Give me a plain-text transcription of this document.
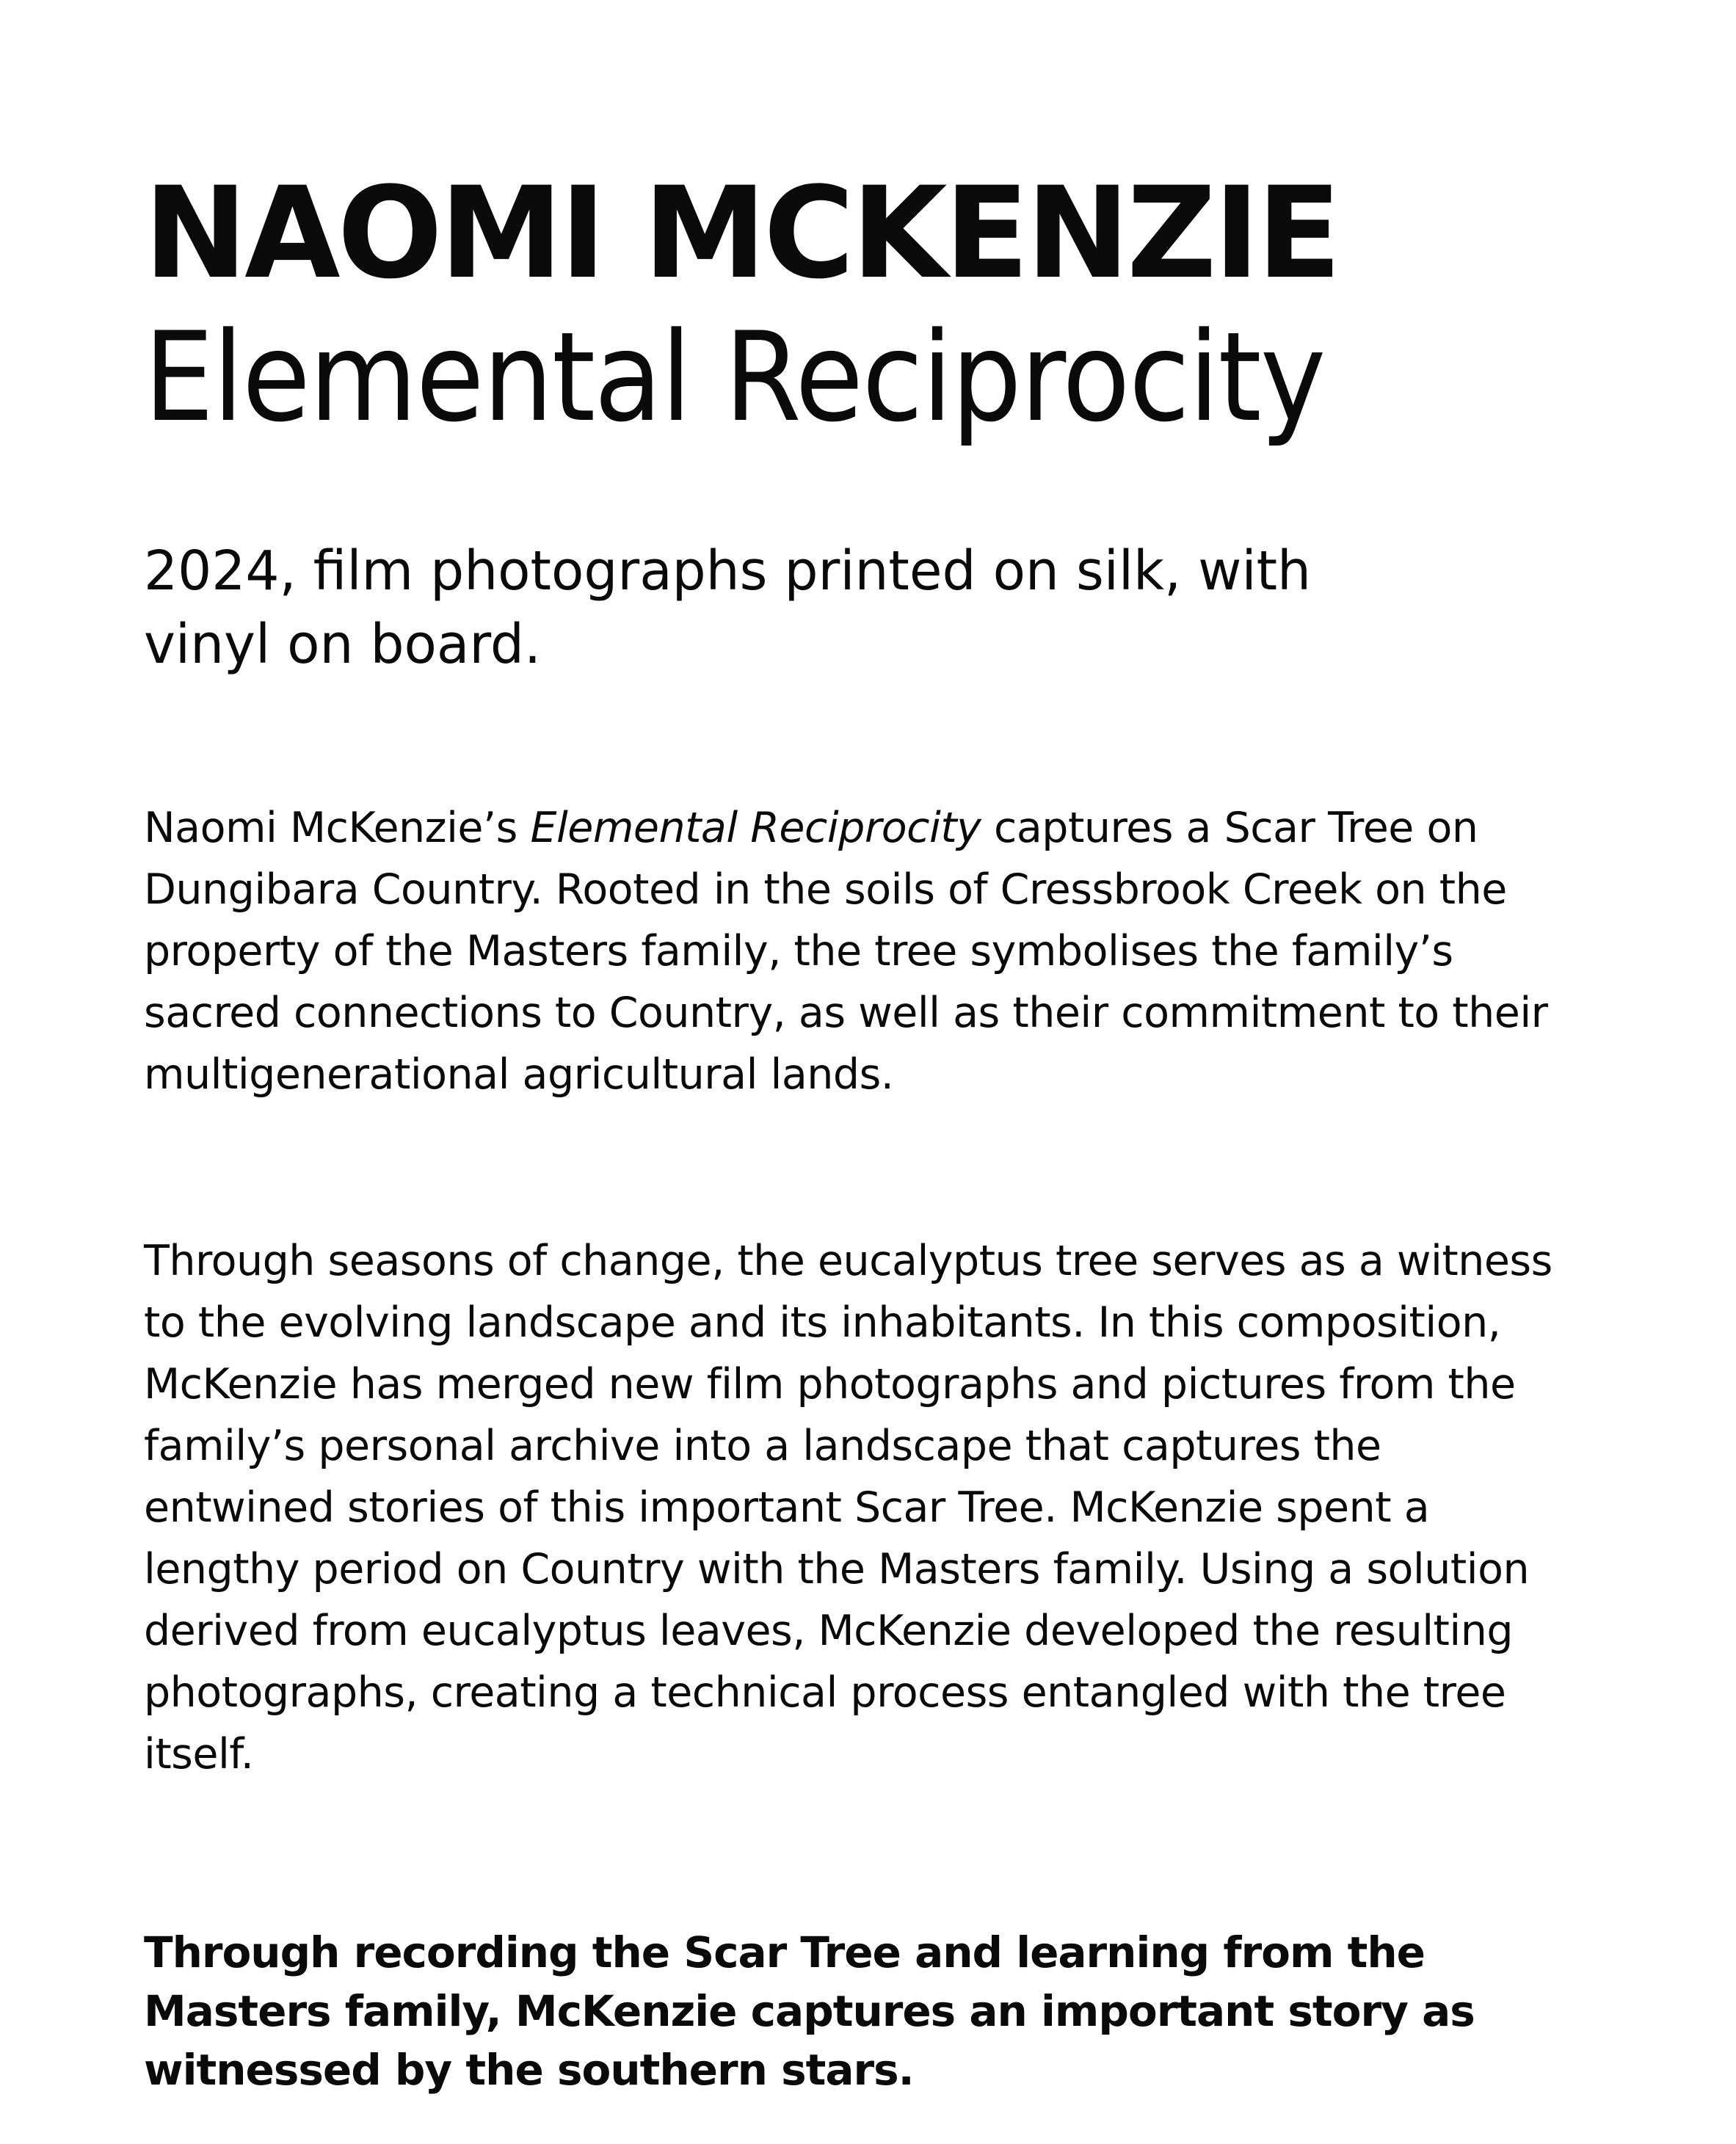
NAOMI MCKENZIE
Elemental Reciprocity

2024, film photographs printed on silk, with vinyl on board.

Naomi McKenzie’s Elemental Reciprocity captures a Scar Tree on Dungibara Country. Rooted in the soils of Cressbrook Creek on the property of the Masters family, the tree symbolises the family’s sacred connections to Country, as well as their commitment to their multigenerational agricultural lands.

Through seasons of change, the eucalyptus tree serves as a witness to the evolving landscape and its inhabitants. In this composition, McKenzie has merged new film photographs and pictures from the family’s personal archive into a landscape that captures the entwined stories of this important Scar Tree. McKenzie spent a lengthy period on Country with the Masters family. Using a solution derived from eucalyptus leaves, McKenzie developed the resulting photographs, creating a technical process entangled with the tree itself.

Through recording the Scar Tree and learning from the Masters family, McKenzie captures an important story as witnessed by the southern stars.
